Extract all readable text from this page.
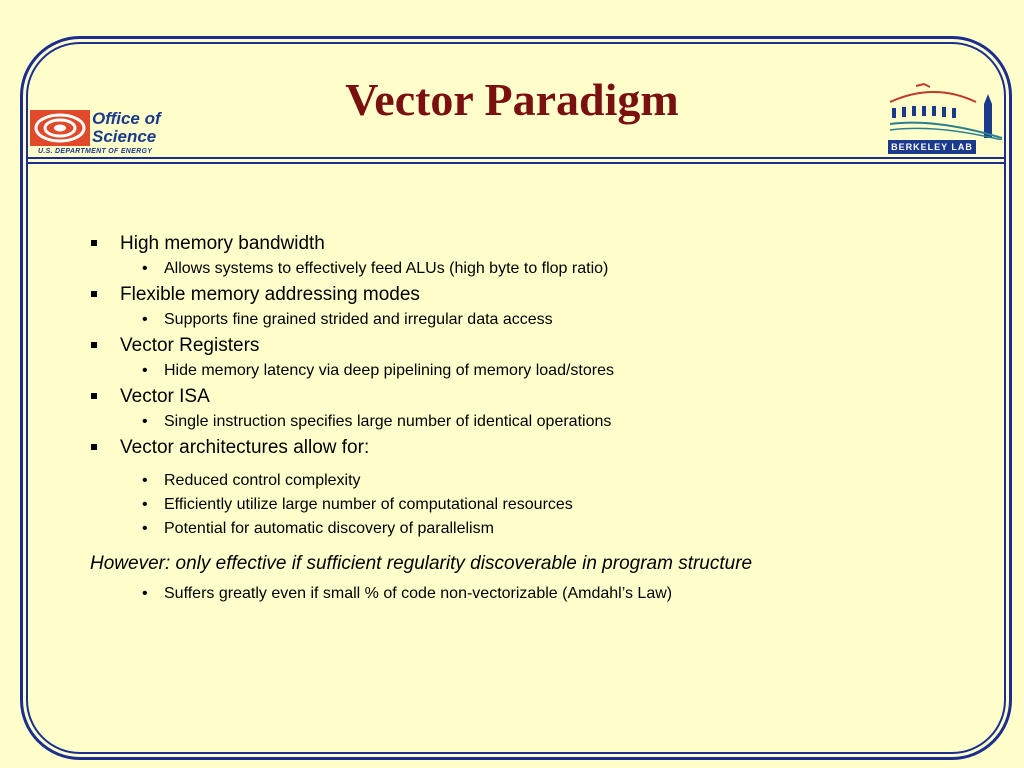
Vector Paradigm
Office of Science
U.S. DEPARTMENT OF ENERGY	BERKELEY LAB
High memory bandwidth
• Allows systems to effectively feed ALUs (high byte to flop ratio)
Flexible memory addressing modes
• Supports fine grained strided and irregular data access
Vector Registers
• Hide memory latency via deep pipelining of memory load/stores
Vector ISA
• Single instruction specifies large number of identical operations
Vector architectures allow for:
• Reduced control complexity
• Efficiently utilize large number of computational resources
• Potential for automatic discovery of parallelism
However: only effective if sufficient regularity discoverable in program structure
• Suffers greatly even if small % of code non-vectorizable (Amdahl’s Law)
